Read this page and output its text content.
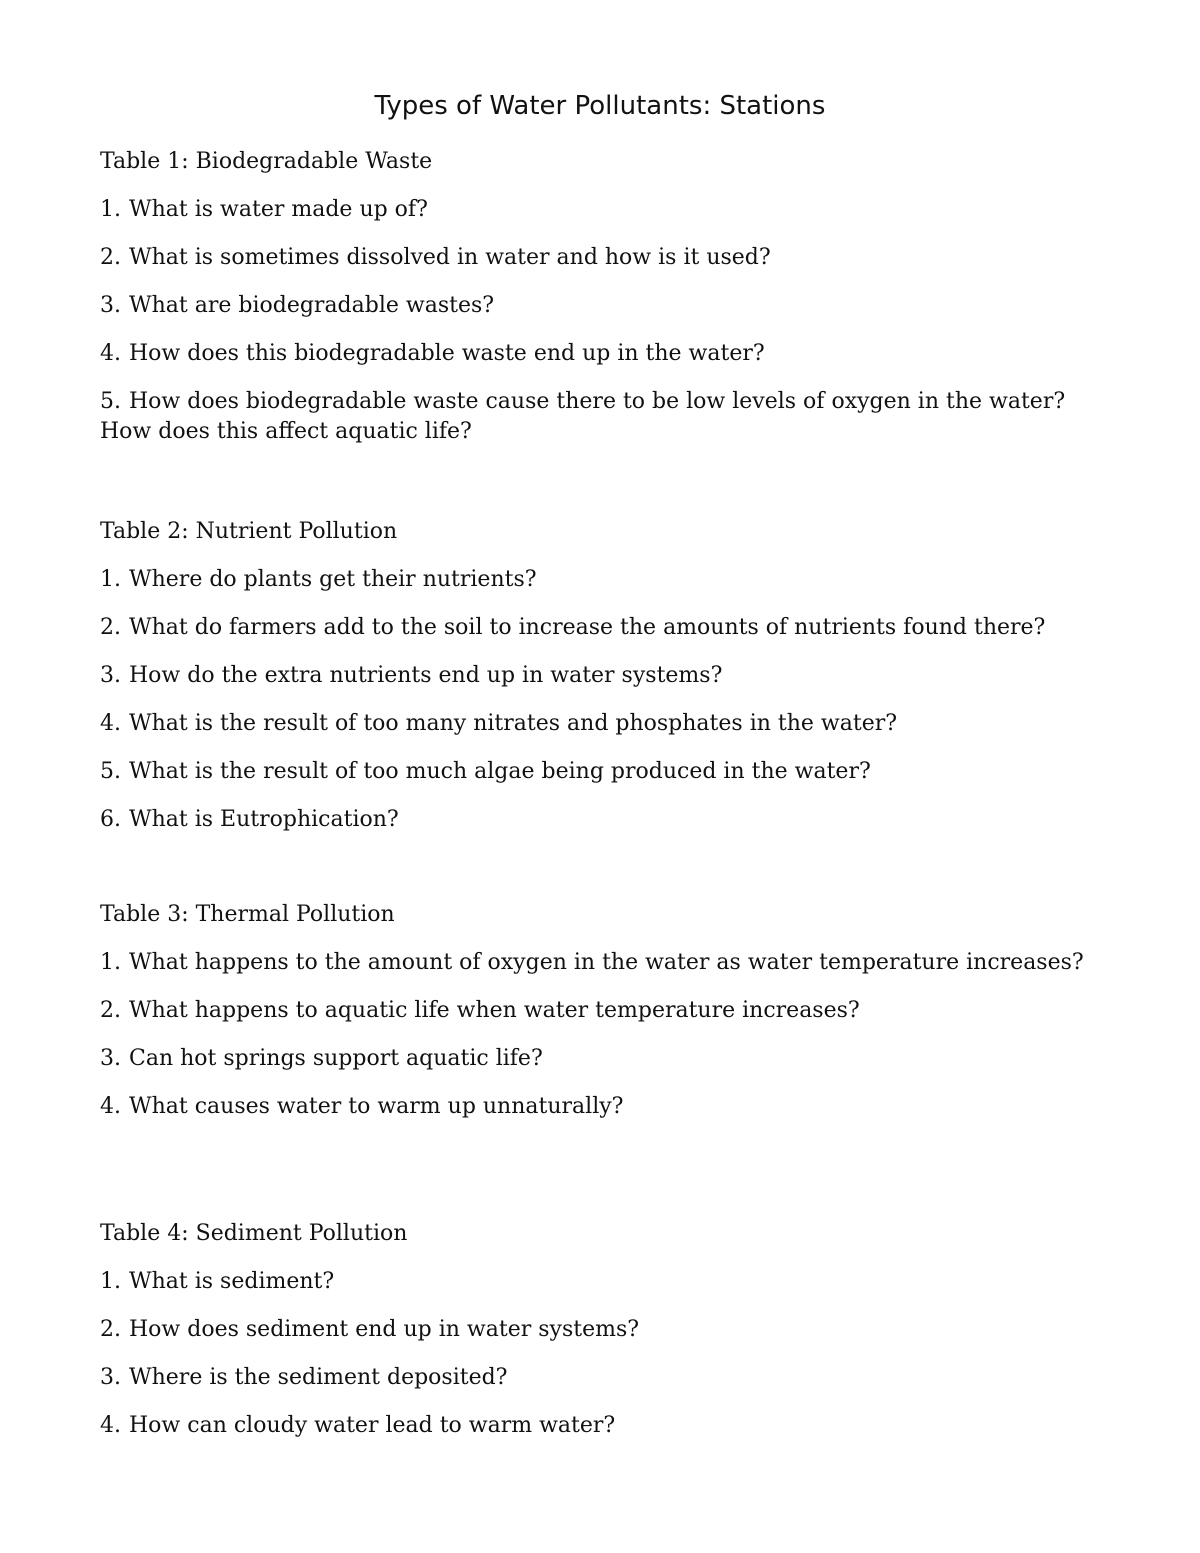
Types of Water Pollutants: Stations
Table 1: Biodegradable Waste
1. What is water made up of?
2. What is sometimes dissolved in water and how is it used?
3. What are biodegradable wastes?
4. How does this biodegradable waste end up in the water?
5. How does biodegradable waste cause there to be low levels of oxygen in the water? How does this affect aquatic life?
Table 2: Nutrient Pollution
1. Where do plants get their nutrients?
2. What do farmers add to the soil to increase the amounts of nutrients found there?
3. How do the extra nutrients end up in water systems?
4. What is the result of too many nitrates and phosphates in the water?
5. What is the result of too much algae being produced in the water?
6. What is Eutrophication?
Table 3: Thermal Pollution
1. What happens to the amount of oxygen in the water as water temperature increases?
2. What happens to aquatic life when water temperature increases?
3. Can hot springs support aquatic life?
4. What causes water to warm up unnaturally?
Table 4: Sediment Pollution
1. What is sediment?
2. How does sediment end up in water systems?
3. Where is the sediment deposited?
4. How can cloudy water lead to warm water?
